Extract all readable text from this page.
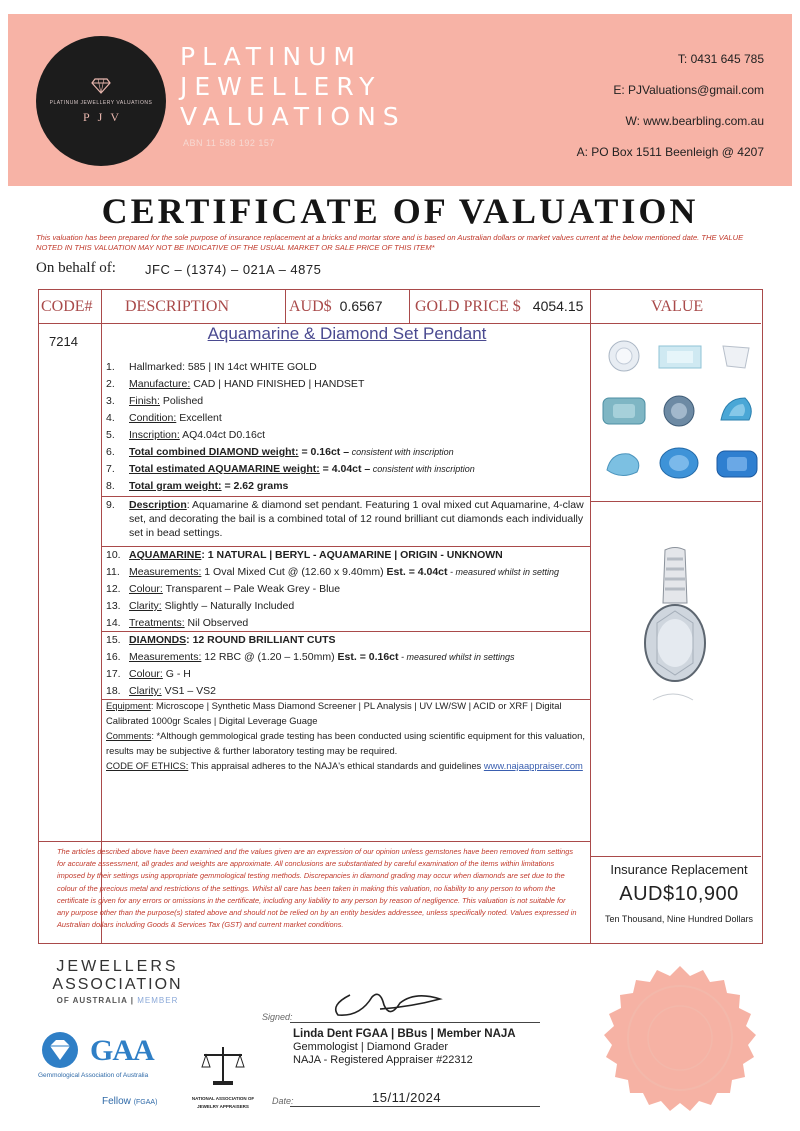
PLATINUM JEWELLERY VALUATIONS
PJV
PLATINUM
JEWELLERY
VALUATIONS
ABN 11 588 192 157
T: 0431 645 785
E: PJValuations@gmail.com
W: www.bearbling.com.au
A: PO Box 1511 Beenleigh @ 4207
CERTIFICATE OF VALUATION
This valuation has been prepared for the sole purpose of insurance replacement at a bricks and mortar store and is based on Australian dollars or market values current at the below mentioned date. THE VALUE NOTED IN THIS VALUATION MAY NOT BE INDICATIVE OF THE USUAL MARKET OR SALE PRICE OF THIS ITEM*
On behalf of: JFC – (1374) – 021A – 4875
CODE# DESCRIPTION	AUD$ 0.6567 GOLD PRICE $ 4054.15	VALUE
7214	Aquamarine & Diamond Set Pendant
1.	Hallmarked: 585 | IN 14ct WHITE GOLD
2.	Manufacture: CAD | HAND FINISHED | HANDSET
3.	Finish: Polished
4.	Condition: Excellent
5.	Inscription: AQ4.04ct D0.16ct
6.	Total combined DIAMOND weight: = 0.16ct – consistent with inscription
7.	Total estimated AQUAMARINE weight: = 4.04ct – consistent with inscription
8.	Total gram weight: = 2.62 grams
9. Description: Aquamarine & diamond set pendant. Featuring 1 oval mixed cut Aquamarine, 4-claw set, and decorating the bail is a combined total of 12 round brilliant cut diamonds each individually set in bead settings.
10. AQUAMARINE: 1 NATURAL | BERYL - AQUAMARINE | ORIGIN - UNKNOWN
11. Measurements: 1 Oval Mixed Cut @ (12.60 x 9.40mm) Est. = 4.04ct - measured whilst in setting
12. Colour: Transparent – Pale Weak Grey - Blue
13. Clarity: Slightly – Naturally Included
14. Treatments: Nil Observed
15. DIAMONDS: 12 ROUND BRILLIANT CUTS
16. Measurements: 12 RBC @ (1.20 – 1.50mm) Est. = 0.16ct - measured whilst in settings
17. Colour: G - H
18. Clarity: VS1 – VS2
Equipment: Microscope | Synthetic Mass Diamond Screener | PL Analysis | UV LW/SW | ACID or XRF | Digital Calibrated 1000gr Scales | Digital Leverage Guage
Comments: *Although gemmological grade testing has been conducted using scientific equipment for this valuation, results may be subjective & further laboratory testing may be required.
CODE OF ETHICS: This appraisal adheres to the NAJA's ethical standards and guidelines www.najaappraiser.com
The articles described above have been examined and the values given are an expression of our opinion unless gemstones have been removed from settings for accurate assessment, all grades and weights are approximate. All conclusions are substantiated by careful examination of the items within limitations imposed by their settings using appropriate gemmological testing methods. Discrepancies in diamond grading may occur when diamonds are set due to the colour of the precious metal and restrictions of the settings. Whilst all care has been taken in making this valuation, no liability to any person to whom the certificate is given for any errors or omissions in the certificate, including any liability to any person by reason of negligence. This valuation is not suitable for any purpose other than the purpose(s) stated above and should not be relied on by an entity besides addressee, unless specifically noted. Values expressed in Australian dollars including Goods & Services Tax (GST) and current market conditions.
Insurance Replacement
AUD$10,900
Ten Thousand, Nine Hundred Dollars
JEWELLERS
ASSOCIATION
OF AUSTRALIA | MEMBER
GAA
Gemmological Association of Australia
Fellow (FGAA)
NATIONAL ASSOCIATION OF
JEWELRY APPRAISERS
Signed:
Linda Dent FGAA | BBus | Member NAJA
Gemmologist | Diamond Grader
NAJA - Registered Appraiser #22312
Date:	15/11/2024
